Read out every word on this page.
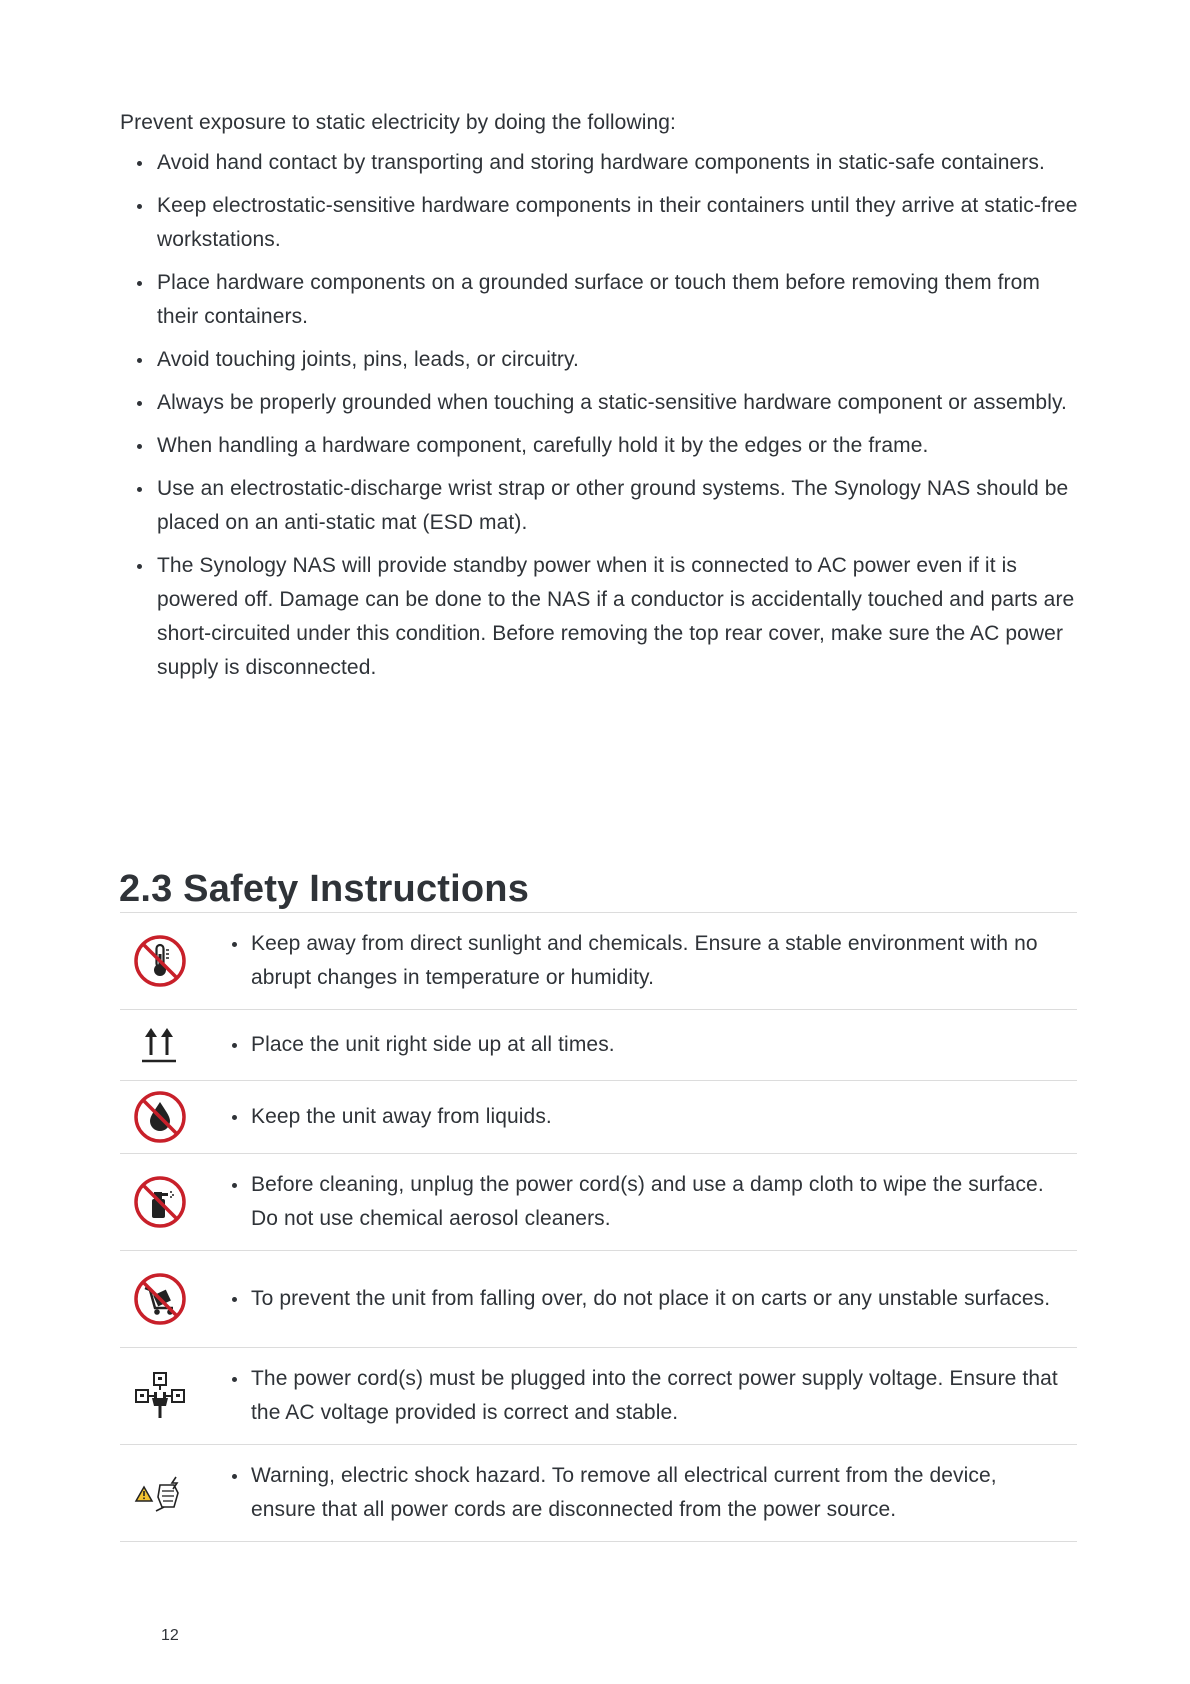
Prevent exposure to static electricity by doing the following:
Avoid hand contact by transporting and storing hardware components in static-safe containers.
Keep electrostatic-sensitive hardware components in their containers until they arrive at static-free workstations.
Place hardware components on a grounded surface or touch them before removing them from their containers.
Avoid touching joints, pins, leads, or circuitry.
Always be properly grounded when touching a static-sensitive hardware component or assembly.
When handling a hardware component, carefully hold it by the edges or the frame.
Use an electrostatic-discharge wrist strap or other ground systems. The Synology NAS should be placed on an anti-static mat (ESD mat).
The Synology NAS will provide standby power when it is connected to AC power even if it is powered off. Damage can be done to the NAS if a conductor is accidentally touched and parts are short-circuited under this condition. Before removing the top rear cover, make sure the AC power supply is disconnected.
2.3 Safety Instructions
Keep away from direct sunlight and chemicals. Ensure a stable environment with no abrupt changes in temperature or humidity.
Place the unit right side up at all times.
Keep the unit away from liquids.
Before cleaning, unplug the power cord(s) and use a damp cloth to wipe the surface. Do not use chemical aerosol cleaners.
To prevent the unit from falling over, do not place it on carts or any unstable surfaces.
The power cord(s) must be plugged into the correct power supply voltage. Ensure that the AC voltage provided is correct and stable.
Warning, electric shock hazard. To remove all electrical current from the device, ensure that all power cords are disconnected from the power source.
12
